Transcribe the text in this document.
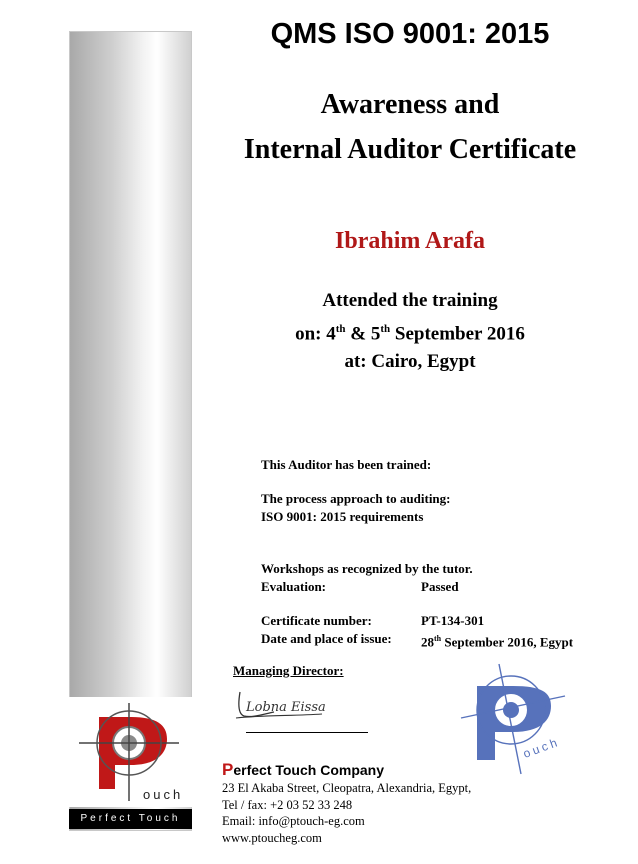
ouch
Perfect Touch
QMS ISO 9001: 2015
Awareness and
Internal Auditor Certificate
Ibrahim Arafa
Attended the training
on: 4th & 5th September 2016
at: Cairo, Egypt
This Auditor has been trained:
The process approach to auditing:
ISO 9001: 2015 requirements
Workshops as recognized by the tutor.
Evaluation:	Passed
Certificate number:	PT-134-301
Date and place of issue:	28th September 2016, Egypt
Managing Director:
Lobna Eissa
ouch
Perfect Touch Company
23 El Akaba Street, Cleopatra, Alexandria, Egypt,
Tel / fax: +2 03 52 33 248
Email: info@ptouch-eg.com
www.ptoucheg.com
